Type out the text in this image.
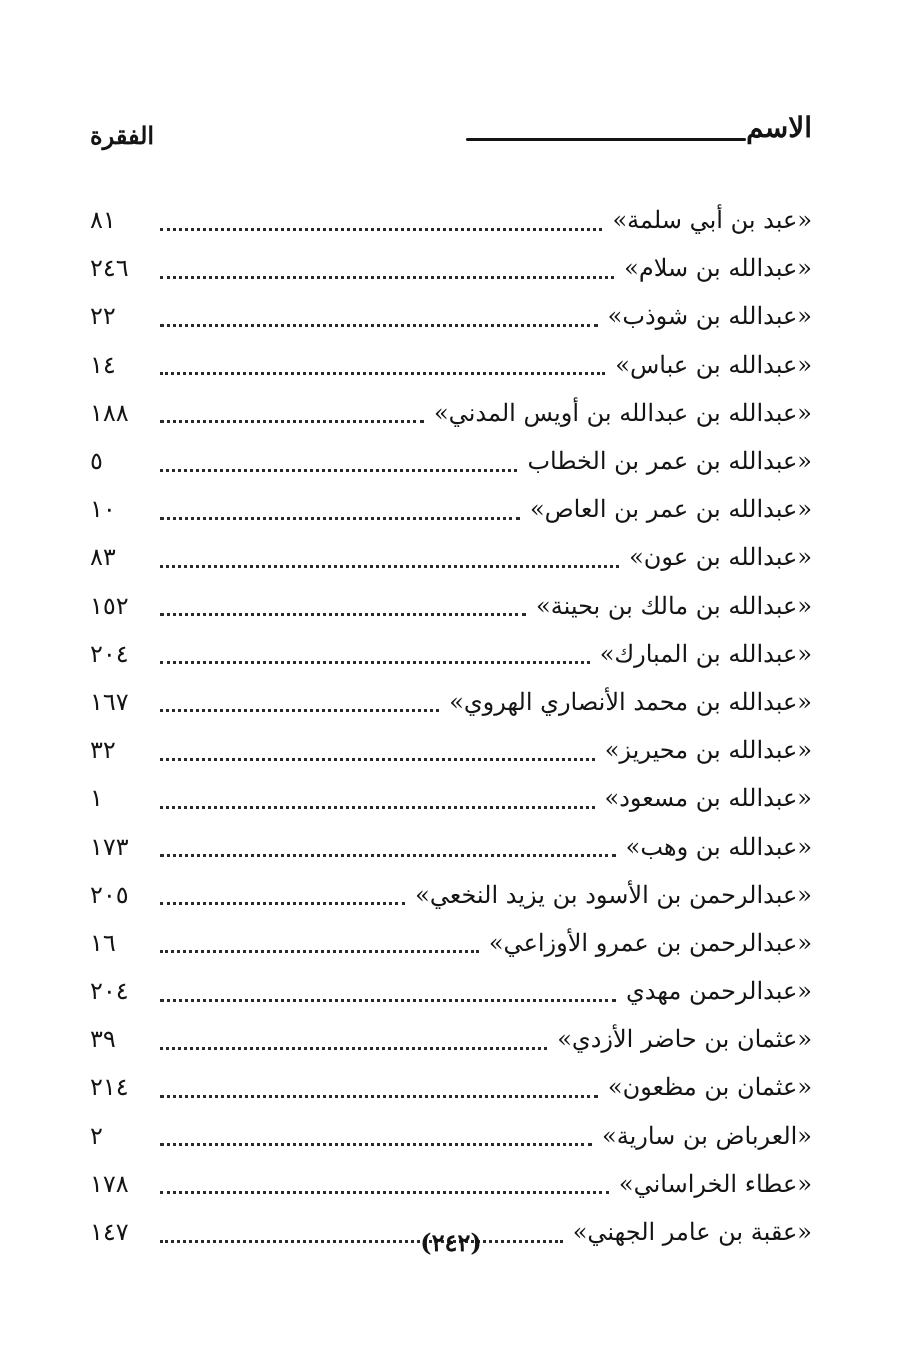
الاسم
الفقرة
«عبد بن أبي سلمة»
٨١
«عبدالله بن سلام»
٢٤٦
«عبدالله بن شوذب»
٢٢
«عبدالله بن عباس»
١٤
«عبدالله بن عبدالله بن أويس المدني»
١٨٨
«عبدالله بن عمر بن الخطاب
٥
«عبدالله بن عمر بن العاص»
١٠
«عبدالله بن عون»
٨٣
«عبدالله بن مالك بن بحينة»
١٥٢
«عبدالله بن المبارك»
٢٠٤
«عبدالله بن محمد الأنصاري الهروي»
١٦٧
«عبدالله بن محيريز»
٣٢
«عبدالله بن مسعود»
١
«عبدالله بن وهب»
١٧٣
«عبدالرحمن بن الأسود بن يزيد النخعي»
٢٠٥
«عبدالرحمن بن عمرو الأوزاعي»
١٦
«عبدالرحمن مهدي
٢٠٤
«عثمان بن حاضر الأزدي»
٣٩
«عثمان بن مظعون»
٢١٤
«العرباض بن سارية»
٢
«عطاء الخراساني»
١٧٨
«عقبة بن عامر الجهني»
١٤٧	(٢٤٢)
